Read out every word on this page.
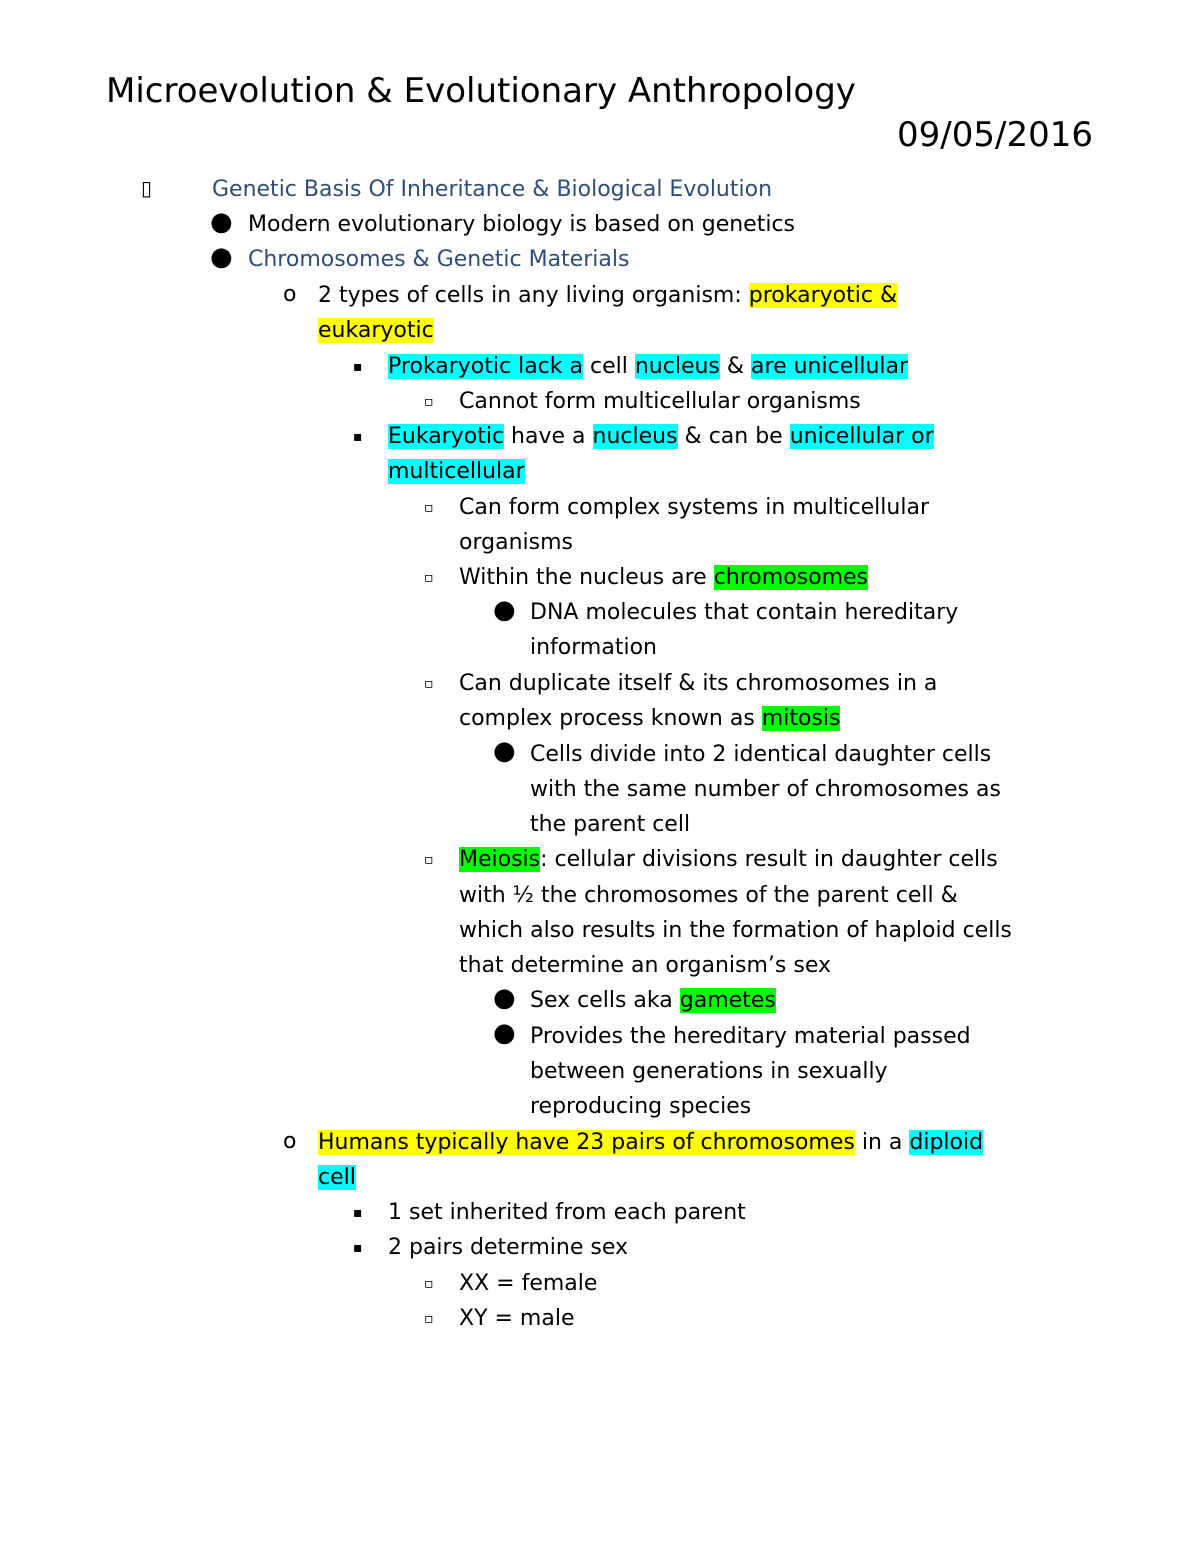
Microevolution & Evolutionary Anthropology
09/05/2016
▯	Genetic Basis Of Inheritance & Biological Evolution
● Modern evolutionary biology is based on genetics
● Chromosomes & Genetic Materials
o 2 types of cells in any living organism: prokaryotic &
eukaryotic
▪ Prokaryotic lack a cell nucleus & are unicellular
▫ Cannot form multicellular organisms
▪ Eukaryotic have a nucleus & can be unicellular or
multicellular
▫ Can form complex systems in multicellular
organisms
▫ Within the nucleus are chromosomes
● DNA molecules that contain hereditary
information
▫ Can duplicate itself & its chromosomes in a
complex process known as mitosis
● Cells divide into 2 identical daughter cells
with the same number of chromosomes as
the parent cell
▫ Meiosis: cellular divisions result in daughter cells
with ½ the chromosomes of the parent cell &
which also results in the formation of haploid cells
that determine an organism’s sex
● Sex cells aka gametes
● Provides the hereditary material passed
between generations in sexually
reproducing species
o Humans typically have 23 pairs of chromosomes in a diploid
cell
▪ 1 set inherited from each parent
▪ 2 pairs determine sex
▫ XX = female
▫ XY = male
